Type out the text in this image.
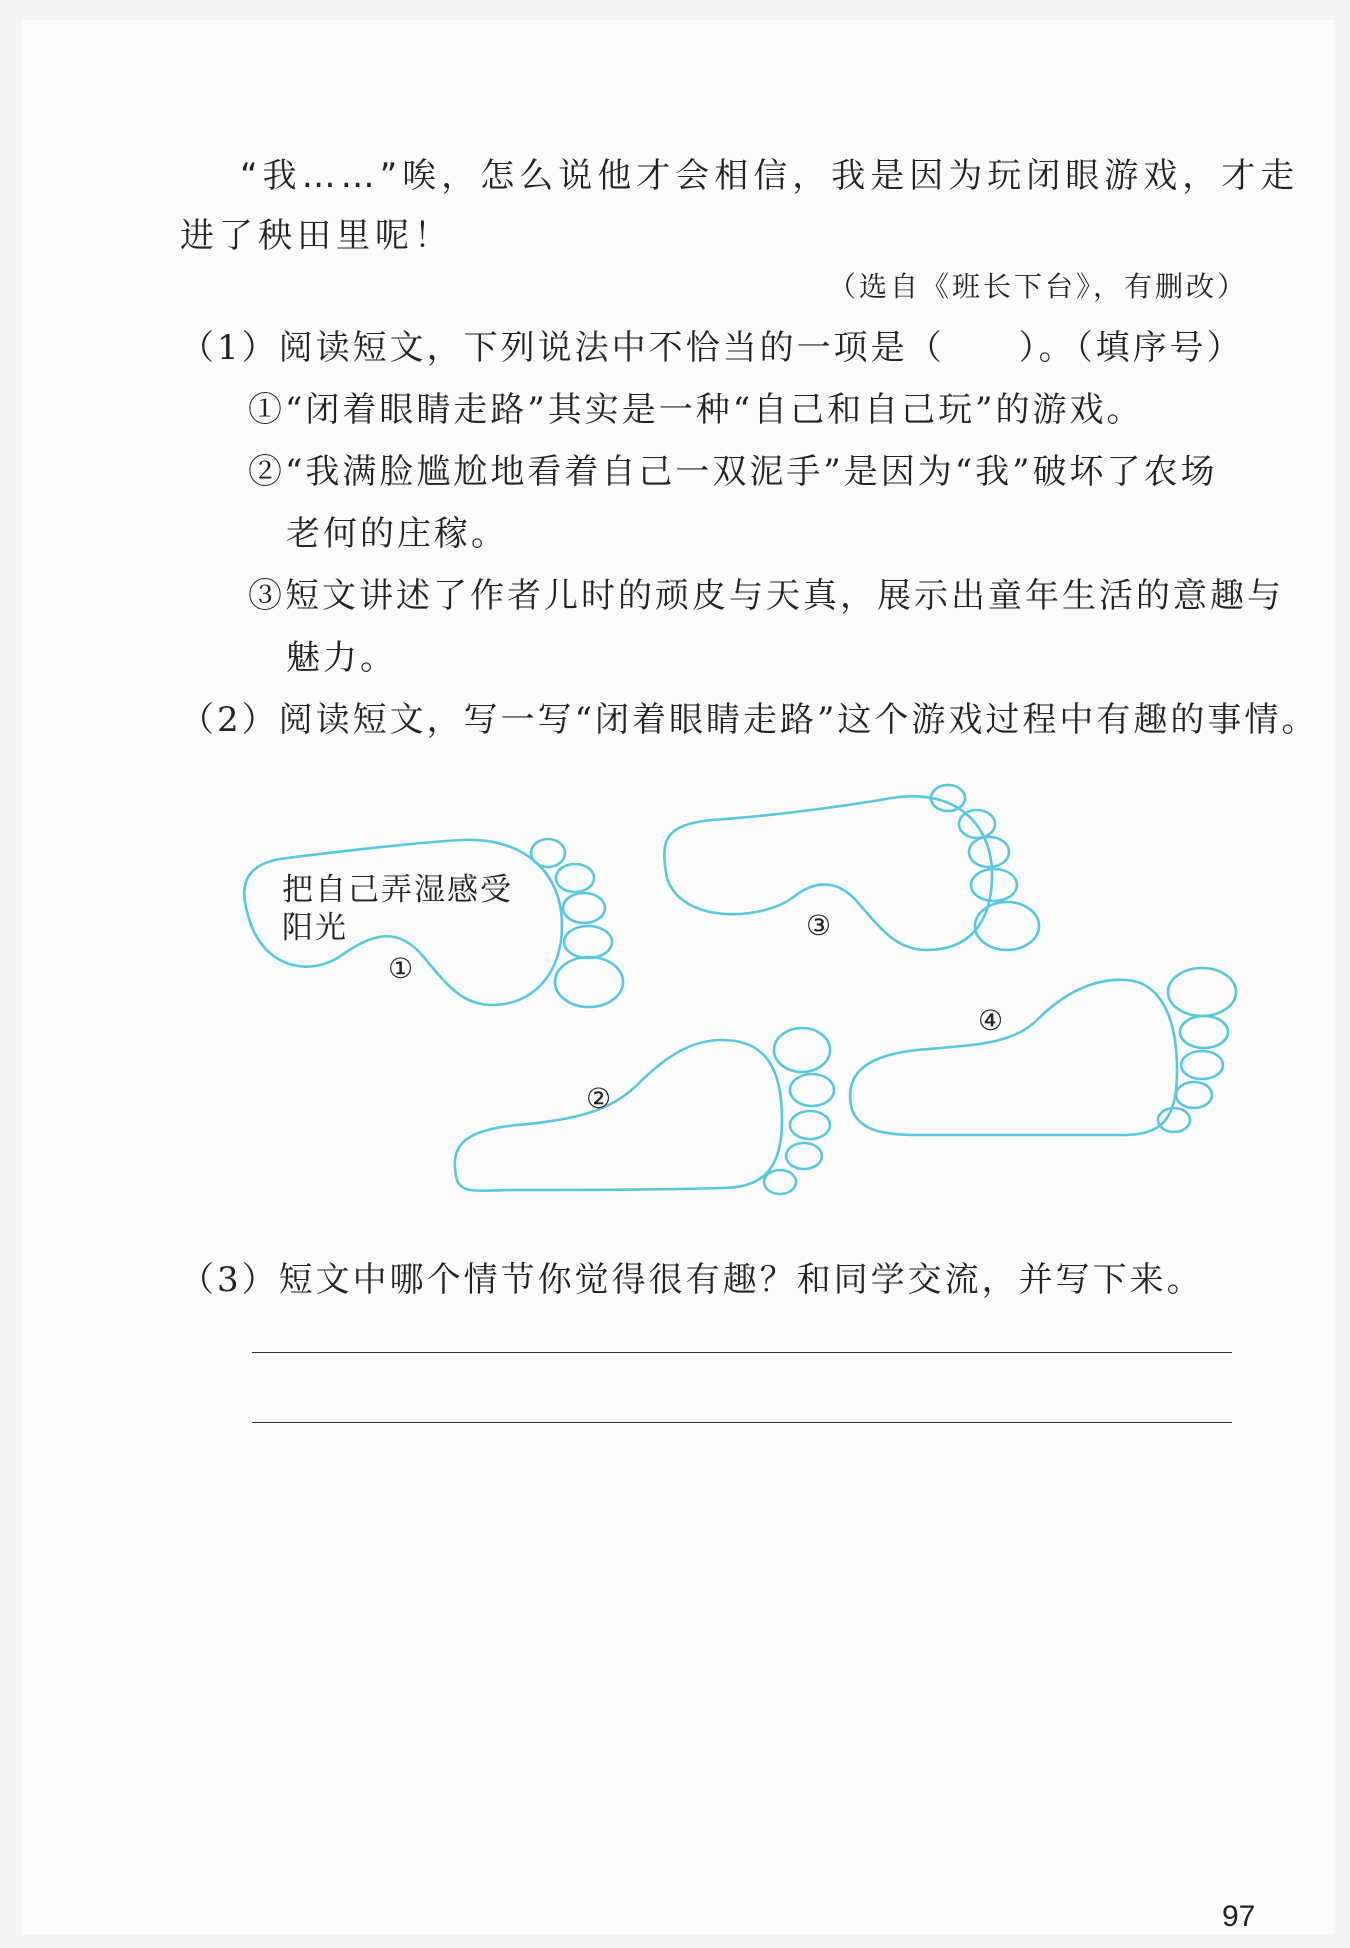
“我……”唉，怎么说他才会相信，我是因为玩闭眼游戏，才走
进了秧田里呢！
（选自《班长下台》，有删改）
（1）阅读短文，下列说法中不恰当的一项是（　　）。（填序号）
①“闭着眼睛走路”其实是一种“自己和自己玩”的游戏。
②“我满脸尴尬地看着自己一双泥手”是因为“我”破坏了农场
老何的庄稼。
③短文讲述了作者儿时的顽皮与天真，展示出童年生活的意趣与
魅力。
（2）阅读短文，写一写“闭着眼睛走路”这个游戏过程中有趣的事情。
把自己弄湿感受
阳光
①
③
②
④
（3）短文中哪个情节你觉得很有趣？和同学交流，并写下来。
97
